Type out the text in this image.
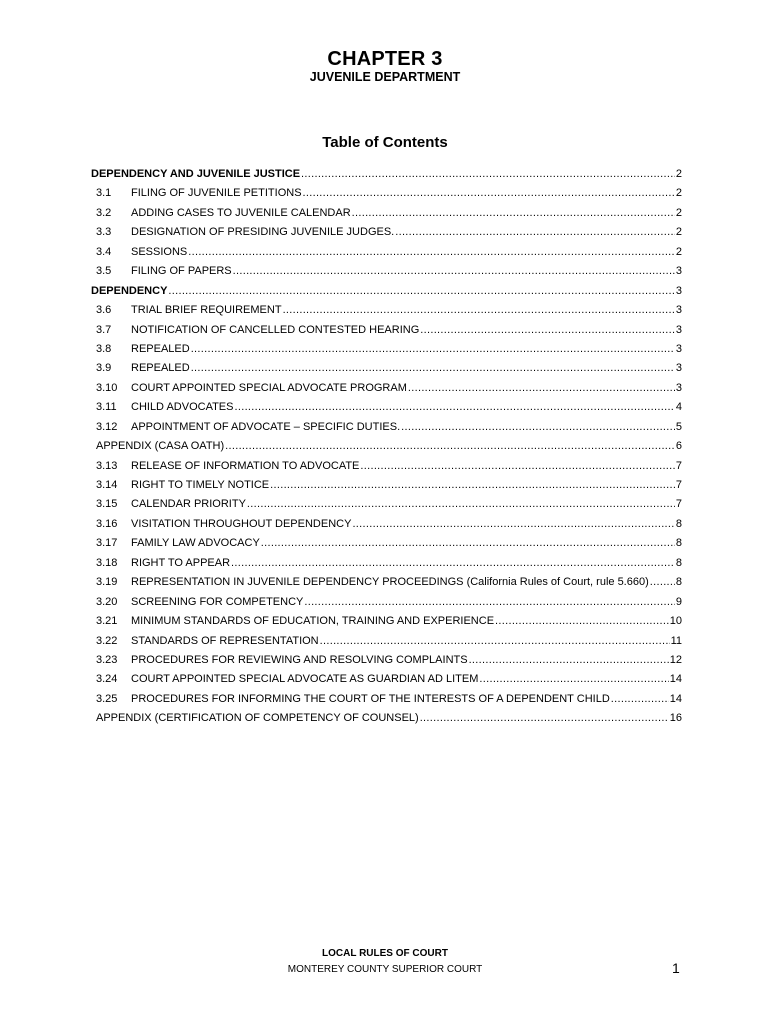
CHAPTER 3
JUVENILE DEPARTMENT
Table of Contents
DEPENDENCY AND JUVENILE JUSTICE .....	2
3.1	FILING OF JUVENILE PETITIONS .....	2
3.2	ADDING CASES TO JUVENILE CALENDAR .....	2
3.3	DESIGNATION OF PRESIDING JUVENILE JUDGES. .....	2
3.4	SESSIONS .....	2
3.5	FILING OF PAPERS .....	3
DEPENDENCY .....	3
3.6	TRIAL BRIEF REQUIREMENT .....	3
3.7	NOTIFICATION OF CANCELLED CONTESTED HEARING .....	3
3.8	REPEALED .....	3
3.9	REPEALED .....	3
3.10	COURT APPOINTED SPECIAL ADVOCATE PROGRAM .....	3
3.11	CHILD ADVOCATES .....	4
3.12	APPOINTMENT OF ADVOCATE – SPECIFIC DUTIES. .....	5
APPENDIX (CASA OATH) .....	6
3.13	RELEASE OF INFORMATION TO ADVOCATE .....	7
3.14	RIGHT TO TIMELY NOTICE .....	7
3.15	CALENDAR PRIORITY .....	7
3.16	VISITATION THROUGHOUT DEPENDENCY .....	8
3.17	FAMILY LAW ADVOCACY .....	8
3.18	RIGHT TO APPEAR .....	8
3.19	REPRESENTATION IN JUVENILE DEPENDENCY PROCEEDINGS (California Rules of Court, rule 5.660) ..... 8
3.20	SCREENING FOR COMPETENCY .....	9
3.21	MINIMUM STANDARDS OF EDUCATION, TRAINING AND EXPERIENCE .....	10
3.22	STANDARDS OF REPRESENTATION .....	11
3.23	PROCEDURES FOR REVIEWING AND RESOLVING COMPLAINTS .....	12
3.24	COURT APPOINTED SPECIAL ADVOCATE AS GUARDIAN AD LITEM .....	14
3.25	PROCEDURES FOR INFORMING THE COURT OF THE INTERESTS OF A DEPENDENT CHILD .....	14
APPENDIX (CERTIFICATION OF COMPETENCY OF COUNSEL) .....	16
LOCAL RULES OF COURT
MONTEREY COUNTY SUPERIOR COURT	1
